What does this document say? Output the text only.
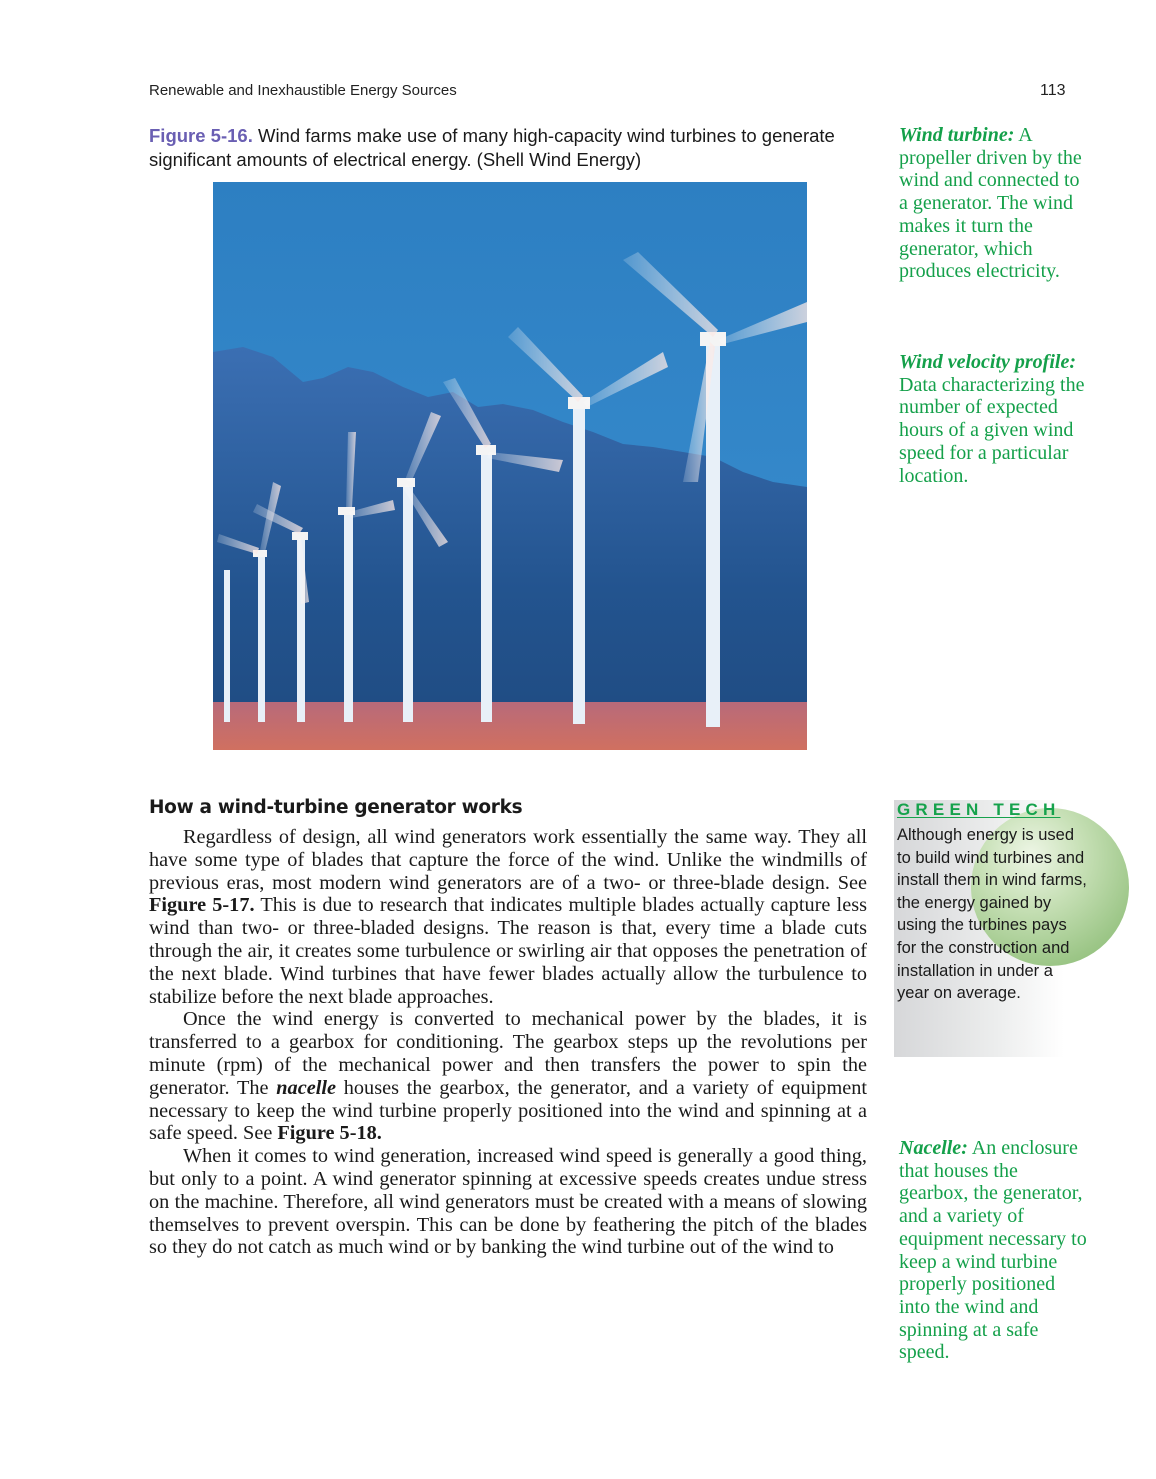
Renewable and Inexhaustible Energy Sources	113
Figure 5-16. Wind farms make use of many high-capacity wind turbines to generate significant amounts of electrical energy. (Shell Wind Energy)
Wind turbine: A propeller driven by the wind and connected to a generator. The wind makes it turn the generator, which produces electricity.
Wind velocity profile: Data characterizing the number of expected hours of a given wind speed for a particular location.
GREEN TECH
Although energy is used to build wind turbines and install them in wind farms, the energy gained by using the turbines pays for the construction and installation in under a year on average.
How a wind-turbine generator works

Regardless of design, all wind generators work essentially the same way. They all have some type of blades that capture the force of the wind. Unlike the windmills of previous eras, most modern wind generators are of a two- or three-blade design. See Figure 5-17. This is due to research that indicates multiple blades actually capture less wind than two- or three-bladed designs. The reason is that, every time a blade cuts through the air, it creates some turbulence or swirling air that opposes the penetration of the next blade. Wind turbines that have fewer blades actually allow the turbulence to stabilize before the next blade approaches.

Once the wind energy is converted to mechanical power by the blades, it is transferred to a gearbox for conditioning. The gearbox steps up the revolutions per minute (rpm) of the mechanical power and then transfers the power to spin the generator. The nacelle houses the gearbox, the generator, and a variety of equipment necessary to keep the wind turbine properly positioned into the wind and spinning at a safe speed. See Figure 5-18.

When it comes to wind generation, increased wind speed is generally a good thing, but only to a point. A wind generator spinning at excessive speeds creates undue stress on the machine. Therefore, all wind generators must be created with a means of slowing themselves to prevent overspin. This can be done by feathering the pitch of the blades so they do not catch as much wind or by banking the wind turbine out of the wind to

Nacelle: An enclosure that houses the gearbox, the generator, and a variety of equipment necessary to keep a wind turbine properly positioned into the wind and spinning at a safe speed.
